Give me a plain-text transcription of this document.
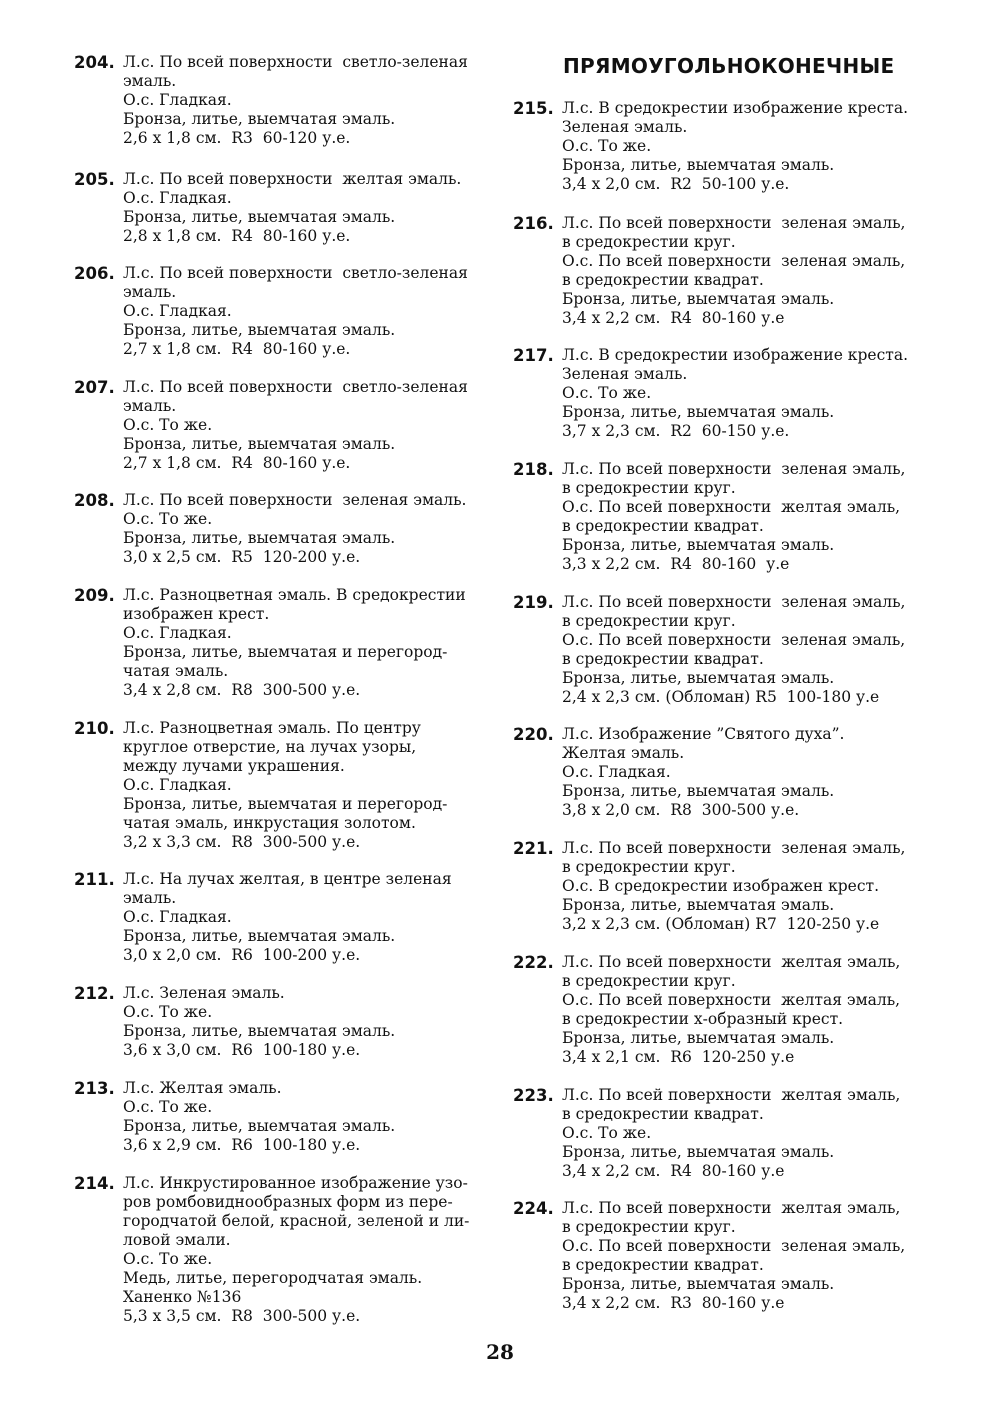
204. Л.с. По всей поверхности  светло-зеленая
эмаль.
О.с. Гладкая.
Бронза, литье, выемчатая эмаль.
2,6 х 1,8 см.  R3  60-120 у.е.
205. Л.с. По всей поверхности  желтая эмаль.
О.с. Гладкая.
Бронза, литье, выемчатая эмаль.
2,8 х 1,8 см.  R4  80-160 у.е.
206. Л.с. По всей поверхности  светло-зеленая
эмаль.
О.с. Гладкая.
Бронза, литье, выемчатая эмаль.
2,7 х 1,8 см.  R4  80-160 у.е.
207. Л.с. По всей поверхности  светло-зеленая
эмаль.
О.с. То же.
Бронза, литье, выемчатая эмаль.
2,7 х 1,8 см.  R4  80-160 у.е.
208. Л.с. По всей поверхности  зеленая эмаль.
О.с. То же.
Бронза, литье, выемчатая эмаль.
3,0 х 2,5 см.  R5  120-200 у.е.
209. Л.с. Разноцветная эмаль. В средокрестии
изображен крест.
О.с. Гладкая.
Бронза, литье, выемчатая и перегород-
чатая эмаль.
3,4 х 2,8 см.  R8  300-500 у.е.
210. Л.с. Разноцветная эмаль. По центру
круглое отверстие, на лучах узоры,
между лучами украшения.
О.с. Гладкая.
Бронза, литье, выемчатая и перегород-
чатая эмаль, инкрустация золотом.
3,2 х 3,3 см.  R8  300-500 у.е.
211. Л.с. На лучах желтая, в центре зеленая
эмаль.
О.с. Гладкая.
Бронза, литье, выемчатая эмаль.
3,0 х 2,0 см.  R6  100-200 у.е.
212. Л.с. Зеленая эмаль.
О.с. То же.
Бронза, литье, выемчатая эмаль.
3,6 х 3,0 см.  R6  100-180 у.е.
213. Л.с. Желтая эмаль.
О.с. То же.
Бронза, литье, выемчатая эмаль.
3,6 х 2,9 см.  R6  100-180 у.е.
214. Л.с. Инкрустированное изображение узо-
ров ромбовиднообразных форм из пере-
городчатой белой, красной, зеленой и ли-
ловой эмали.
О.с. То же.
Медь, литье, перегородчатая эмаль.
Ханенко №136
5,3 х 3,5 см.  R8  300-500 у.е.
215. Л.с. В средокрестии изображение креста.
Зеленая эмаль.
О.с. То же.
Бронза, литье, выемчатая эмаль.
3,4 х 2,0 см.  R2  50-100 у.е.
216. Л.с. По всей поверхности  зеленая эмаль,
в средокрестии круг.
О.с. По всей поверхности  зеленая эмаль,
в средокрестии квадрат.
Бронза, литье, выемчатая эмаль.
3,4 х 2,2 см.  R4  80-160 у.е
217. Л.с. В средокрестии изображение креста.
Зеленая эмаль.
О.с. То же.
Бронза, литье, выемчатая эмаль.
3,7 х 2,3 см.  R2  60-150 у.е.
218. Л.с. По всей поверхности  зеленая эмаль,
в средокрестии круг.
О.с. По всей поверхности  желтая эмаль,
в средокрестии квадрат.
Бронза, литье, выемчатая эмаль.
3,3 х 2,2 см.  R4  80-160  у.е
219. Л.с. По всей поверхности  зеленая эмаль,
в средокрестии круг.
О.с. По всей поверхности  зеленая эмаль,
в средокрестии квадрат.
Бронза, литье, выемчатая эмаль.
2,4 х 2,3 см. (Обломан) R5  100-180 у.е
220. Л.с. Изображение ”Святого духа”.
Желтая эмаль.
О.с. Гладкая.
Бронза, литье, выемчатая эмаль.
3,8 х 2,0 см.  R8  300-500 у.е.
221. Л.с. По всей поверхности  зеленая эмаль,
в средокрестии круг.
О.с. В средокрестии изображен крест.
Бронза, литье, выемчатая эмаль.
3,2 х 2,3 см. (Обломан) R7  120-250 у.е
222. Л.с. По всей поверхности  желтая эмаль,
в средокрестии круг.
О.с. По всей поверхности  желтая эмаль,
в средокрестии х-образный крест.
Бронза, литье, выемчатая эмаль.
3,4 х 2,1 см.  R6  120-250 у.е
223. Л.с. По всей поверхности  желтая эмаль,
в средокрестии квадрат.
О.с. То же.
Бронза, литье, выемчатая эмаль.
3,4 х 2,2 см.  R4  80-160 у.е
224. Л.с. По всей поверхности  желтая эмаль,
в средокрестии круг.
О.с. По всей поверхности  зеленая эмаль,
в средокрестии квадрат.
Бронза, литье, выемчатая эмаль.
3,4 х 2,2 см.  R3  80-160 у.е
ПРЯМОУГОЛЬНОКОНЕЧНЫЕ
28
